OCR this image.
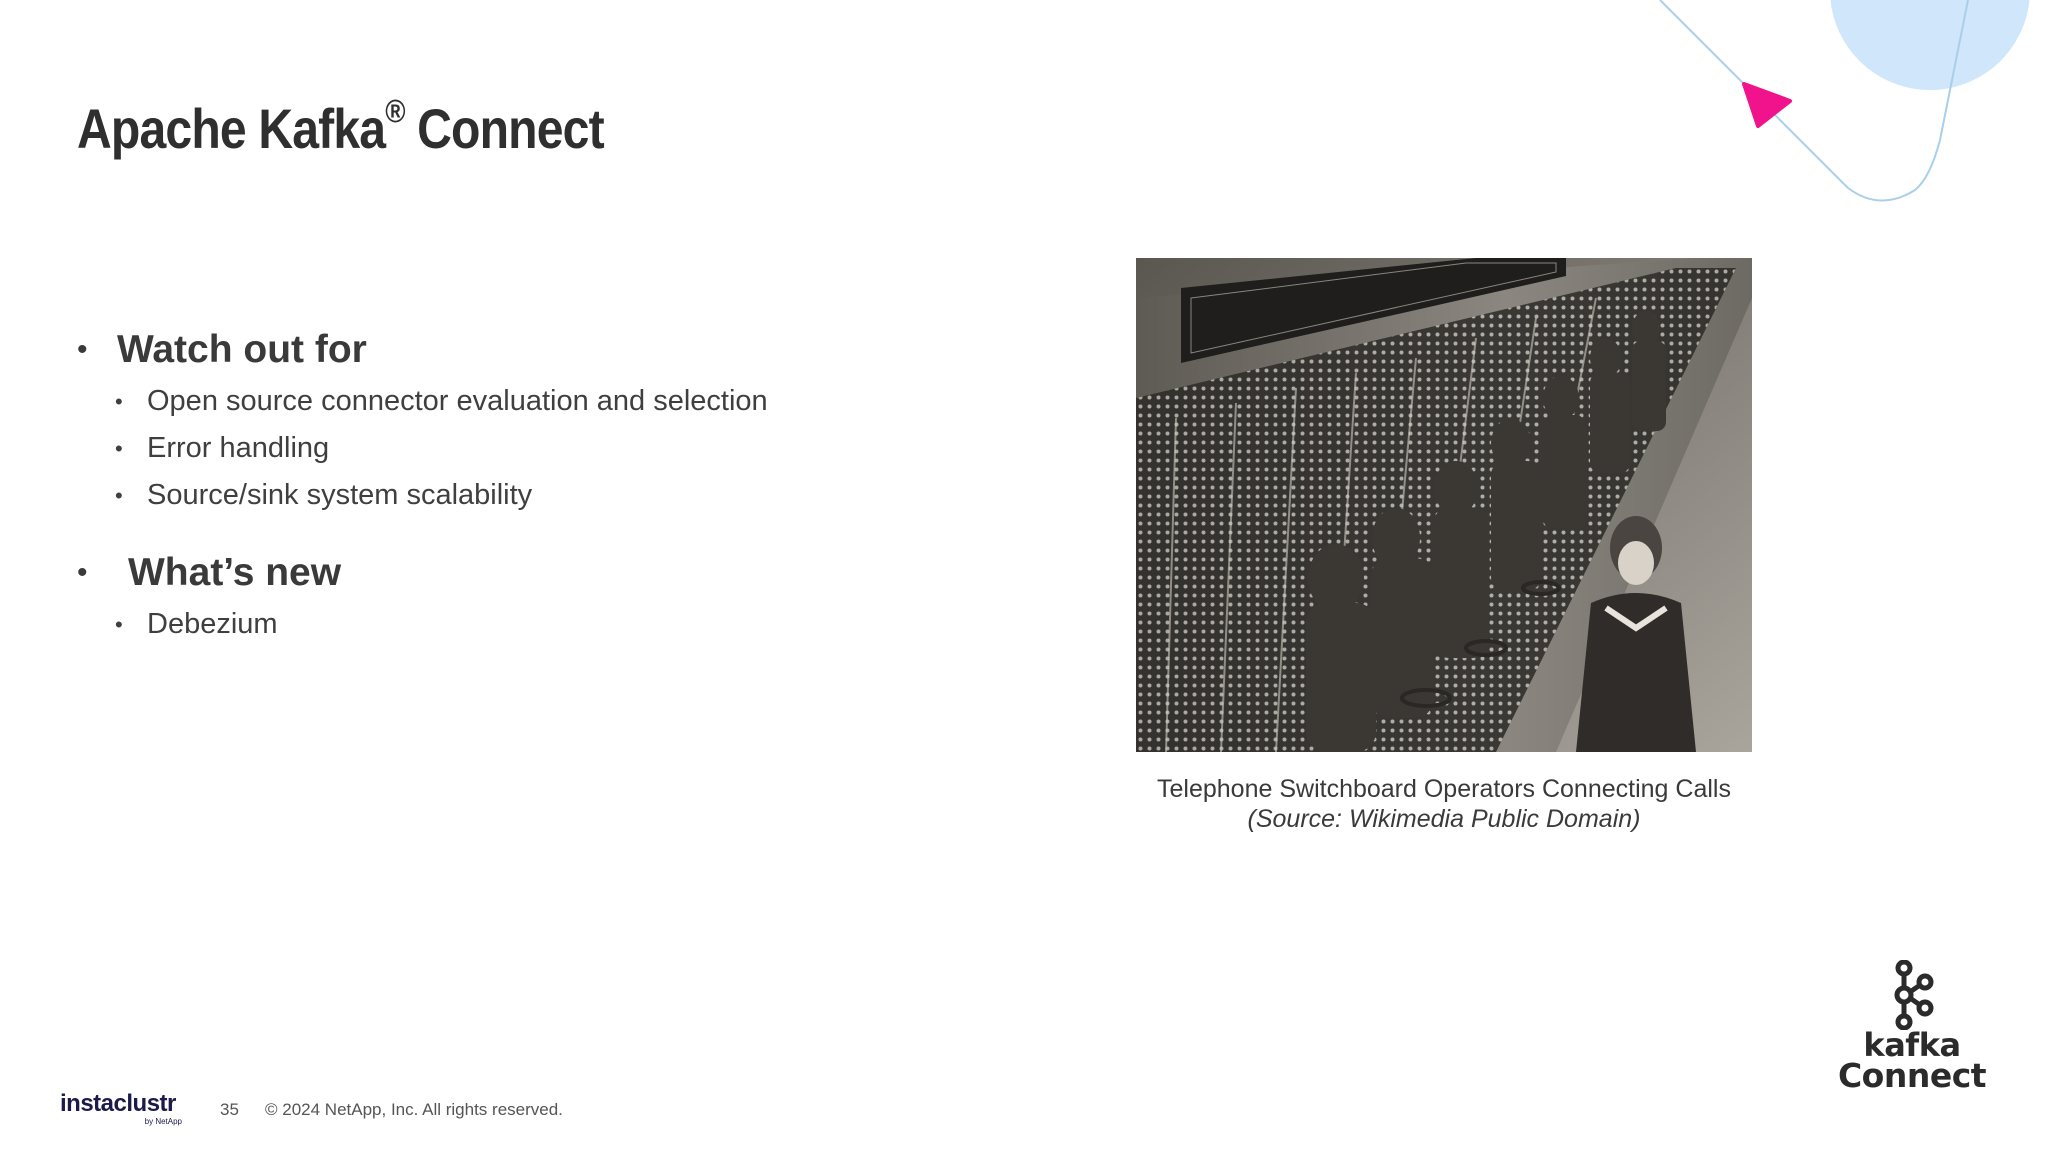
Apache Kafka® Connect
• Watch out for
• Open source connector evaluation and selection
• Error handling
• Source/sink system scalability
• What’s new
• Debezium
Telephone Switchboard Operators Connecting Calls
(Source: Wikimedia Public Domain)
instaclustr
by NetApp
35 © 2024 NetApp, Inc. All rights reserved.
kafka
Connect
